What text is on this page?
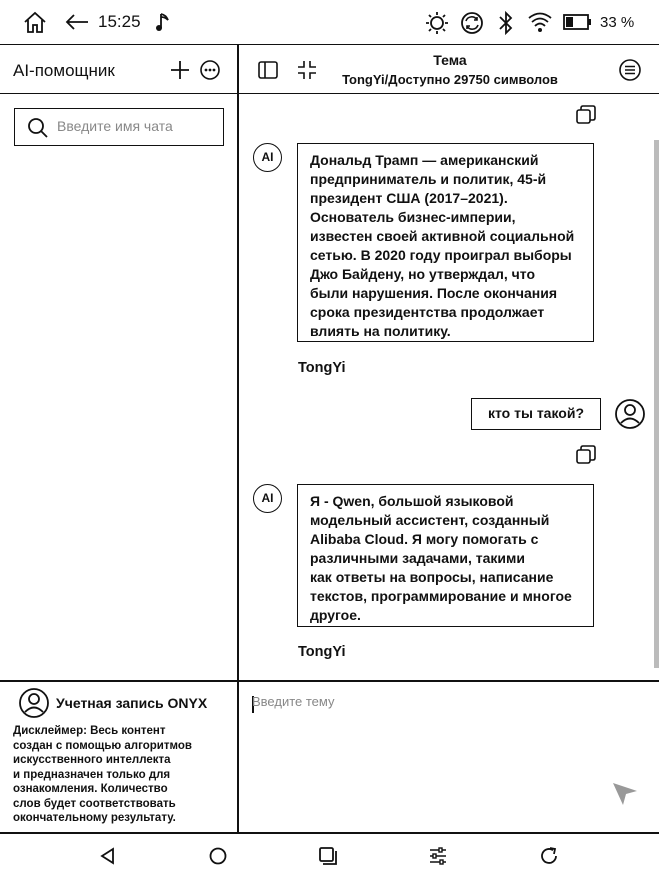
15:25	33 %
AI-помощник
Тема
TongYi/Доступно 29750 символов
Введите имя чата
AI	Дональд Трамп — американский
предприниматель и политик, 45-й
президент США (2017–2021).
Основатель бизнес-империи,
известен своей активной социальной
сетью. В 2020 году проиграл выборы
Джо Байдену, но утверждал, что
были нарушения. После окончания
срока президентства продолжает
влиять на политику.
TongYi
кто ты такой?
AI	Я - Qwen, большой языковой
модельный ассистент, созданный
Alibaba Cloud. Я могу помогать с
различными задачами, такими
как ответы на вопросы, написание
текстов, программирование и многое
другое.
TongYi
Учетная запись ONYX
Дисклеймер: Весь контент
создан с помощью алгоритмов
искусственного интеллекта
и предназначен только для
ознакомления. Количество
слов будет соответствовать
окончательному результату.
Введите тему
